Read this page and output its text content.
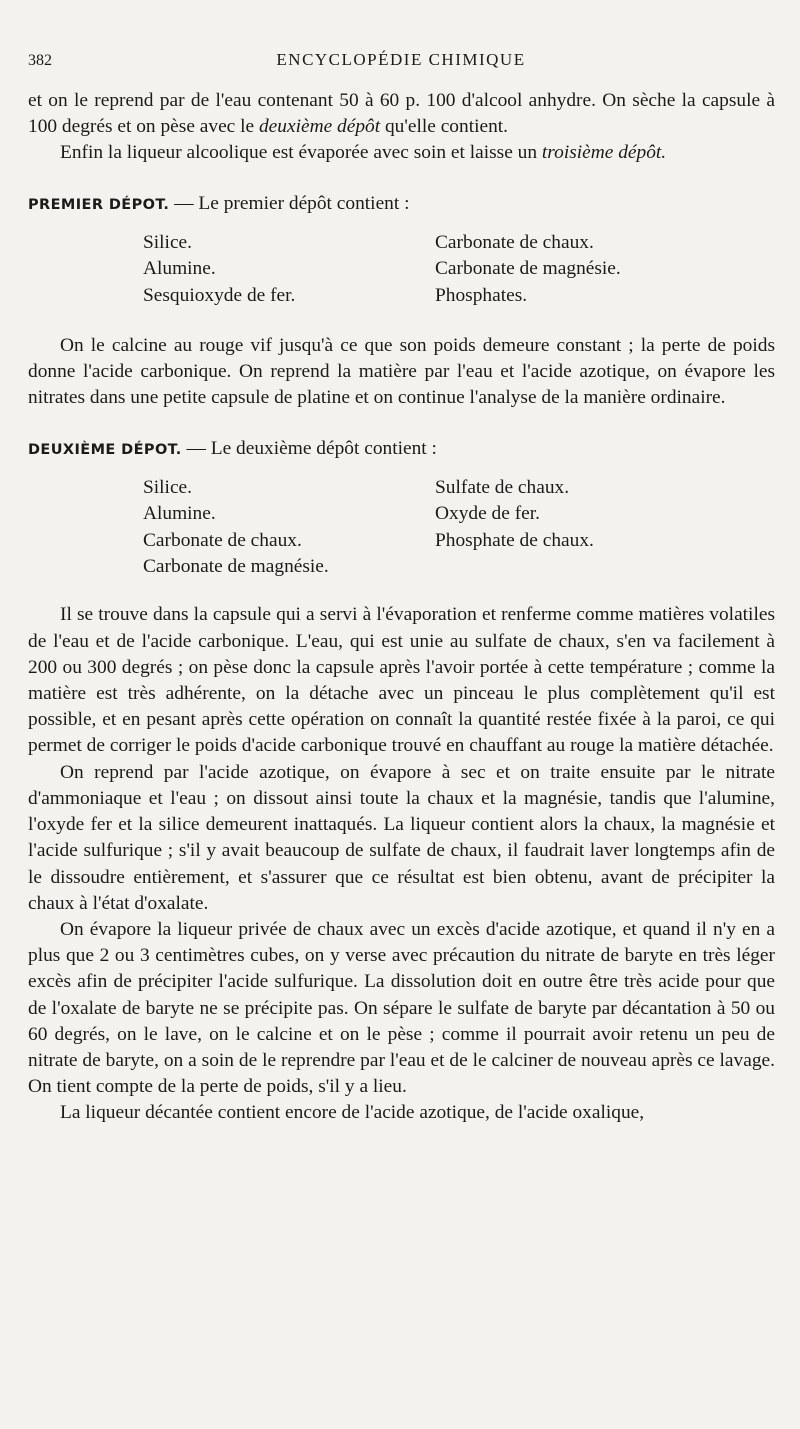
382	ENCYCLOPÉDIE CHIMIQUE

et on le reprend par de l'eau contenant 50 à 60 p. 100 d'alcool anhydre. On sèche la capsule à 100 degrés et on pèse avec le deuxième dépôt qu'elle contient.

Enfin la liqueur alcoolique est évaporée avec soin et laisse un troisième dépôt.

PREMIER DÉPOT. — Le premier dépôt contient :

Silice.	Carbonate de chaux.
Alumine.	Carbonate de magnésie.
Sesquioxyde de fer.	Phosphates.

On le calcine au rouge vif jusqu'à ce que son poids demeure constant ; la perte de poids donne l'acide carbonique. On reprend la matière par l'eau et l'acide azotique, on évapore les nitrates dans une petite capsule de platine et on continue l'analyse de la manière ordinaire.

DEUXIÈME DÉPOT. — Le deuxième dépôt contient :

Silice.	Sulfate de chaux.
Alumine.	Oxyde de fer.
Carbonate de chaux.	Phosphate de chaux.
Carbonate de magnésie.

Il se trouve dans la capsule qui a servi à l'évaporation et renferme comme matières volatiles de l'eau et de l'acide carbonique. L'eau, qui est unie au sulfate de chaux, s'en va facilement à 200 ou 300 degrés ; on pèse donc la capsule après l'avoir portée à cette température ; comme la matière est très adhérente, on la détache avec un pinceau le plus complètement qu'il est possible, et en pesant après cette opération on connaît la quantité restée fixée à la paroi, ce qui permet de corriger le poids d'acide carbonique trouvé en chauffant au rouge la matière détachée.

On reprend par l'acide azotique, on évapore à sec et on traite ensuite par le nitrate d'ammoniaque et l'eau ; on dissout ainsi toute la chaux et la magnésie, tandis que l'alumine, l'oxyde fer et la silice demeurent inattaqués. La liqueur contient alors la chaux, la magnésie et l'acide sulfurique ; s'il y avait beaucoup de sulfate de chaux, il faudrait laver longtemps afin de le dissoudre entièrement, et s'assurer que ce résultat est bien obtenu, avant de précipiter la chaux à l'état d'oxalate.

On évapore la liqueur privée de chaux avec un excès d'acide azotique, et quand il n'y en a plus que 2 ou 3 centimètres cubes, on y verse avec précaution du nitrate de baryte en très léger excès afin de précipiter l'acide sulfurique. La dissolution doit en outre être très acide pour que de l'oxalate de baryte ne se précipite pas. On sépare le sulfate de baryte par décantation à 50 ou 60 degrés, on le lave, on le calcine et on le pèse ; comme il pourrait avoir retenu un peu de nitrate de baryte, on a soin de le reprendre par l'eau et de le calciner de nouveau après ce lavage. On tient compte de la perte de poids, s'il y a lieu.

La liqueur décantée contient encore de l'acide azotique, de l'acide oxalique,
